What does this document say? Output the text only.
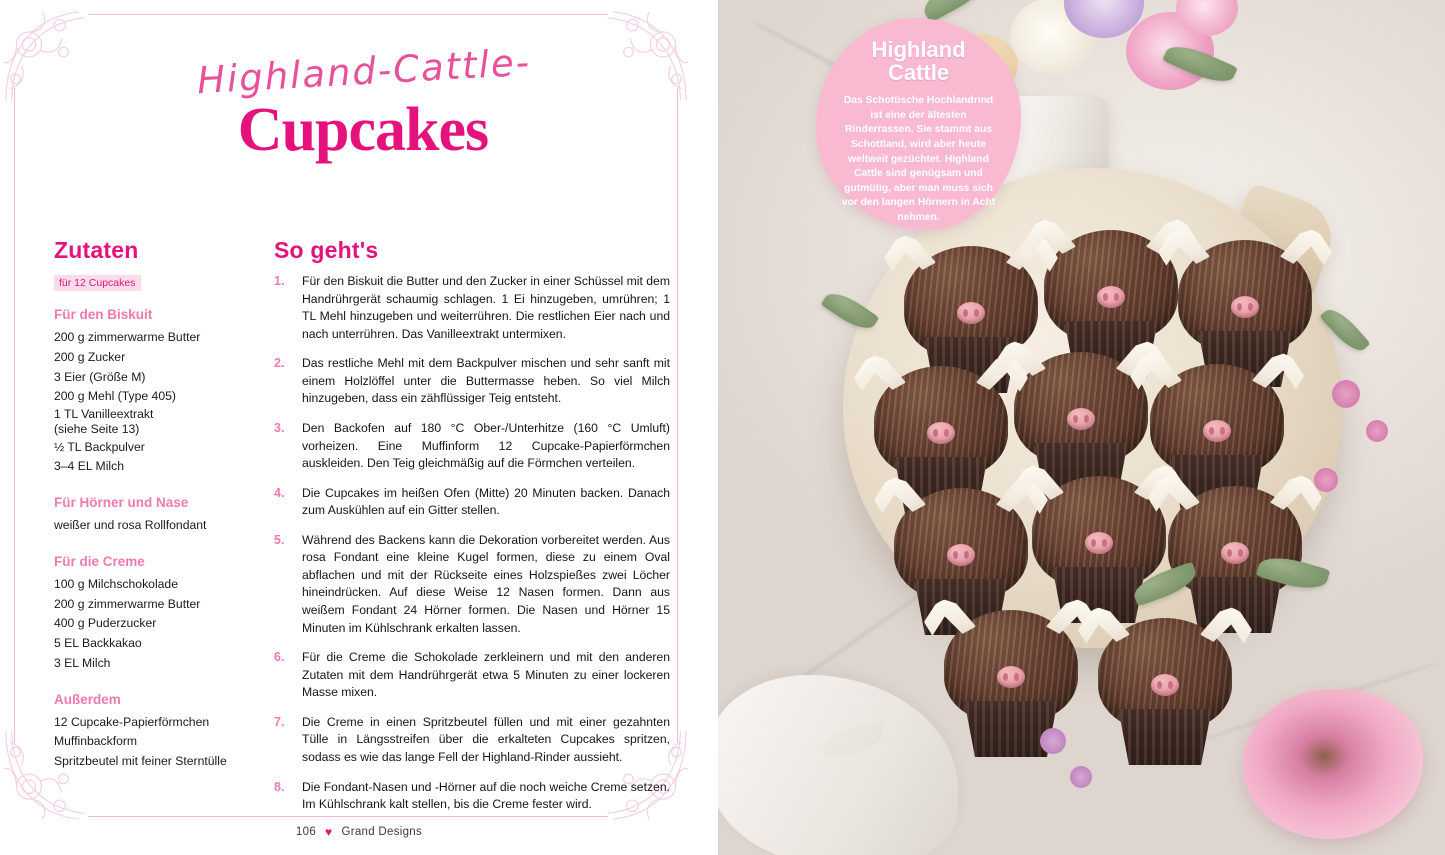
Highland-Cattle-
Cupcakes
Zutaten
für 12 Cupcakes
Für den Biskuit

200 g zimmerwarme Butter
200 g Zucker
3 Eier (Größe M)
200 g Mehl (Type 405)

1 TL Vanilleextrakt
(siehe Seite 13)
½ TL Backpulver
3–4 EL Milch

Für Hörner und Nase

weißer und rosa Rollfondant

Für die Creme

100 g Milchschokolade
200 g zimmerwarme Butter
400 g Puderzucker
5 EL Backkakao
3 EL Milch

Außerdem

12 Cupcake-Papierförmchen
Muffinbackform
Spritzbeutel mit feiner Sterntülle

So geht's
1.	Für den Biskuit die Butter und den Zucker in einer Schüssel mit dem Handrührgerät schaumig schlagen. 1 Ei hinzugeben, umrühren; 1 TL Mehl hinzugeben und weiterrühren. Die restlichen Eier nach und nach unterrühren. Das Vanilleextrakt untermixen.
2.	Das restliche Mehl mit dem Backpulver mischen und sehr sanft mit einem Holzlöffel unter die Buttermasse heben. So viel Milch hinzugeben, dass ein zähflüssiger Teig entsteht.
3.	Den Backofen auf 180 °C Ober-/Unterhitze (160 °C Umluft) vorheizen. Eine Muffinform 12 Cupcake-Papierförmchen auskleiden. Den Teig gleichmäßig auf die Förmchen verteilen.
4.	Die Cupcakes im heißen Ofen (Mitte) 20 Minuten backen. Danach zum Auskühlen auf ein Gitter stellen.
5.	Während des Backens kann die Dekoration vorbereitet werden. Aus rosa Fondant eine kleine Kugel formen, diese zu einem Oval abflachen und mit der Rückseite eines Holzspießes zwei Löcher hineindrücken. Auf diese Weise 12 Nasen formen. Dann aus weißem Fondant 24 Hörner formen. Die Nasen und Hörner 15 Minuten im Kühlschrank erkalten lassen.
6.	Für die Creme die Schokolade zerkleinern und mit den anderen Zutaten mit dem Handrührgerät etwa 5 Minuten zu einer lockeren Masse mixen.
7.	Die Creme in einen Spritzbeutel füllen und mit einer gezahnten Tülle in Längsstreifen über die erkalteten Cupcakes spritzen, sodass es wie das lange Fell der Highland-Rinder aussieht.
8.	Die Fondant-Nasen und -Hörner auf die noch weiche Creme setzen. Im Kühlschrank kalt stellen, bis die Creme fester wird.
106 ♥ Grand Designs
Highland
Cattle
Das Schottische Hochlandrind ist eine der ältesten Rinderrassen. Sie stammt aus Schottland, wird aber heute weltweit gezüchtet. Highland Cattle sind genügsam und gutmütig, aber man muss sich vor den langen Hörnern in Acht nehmen.
